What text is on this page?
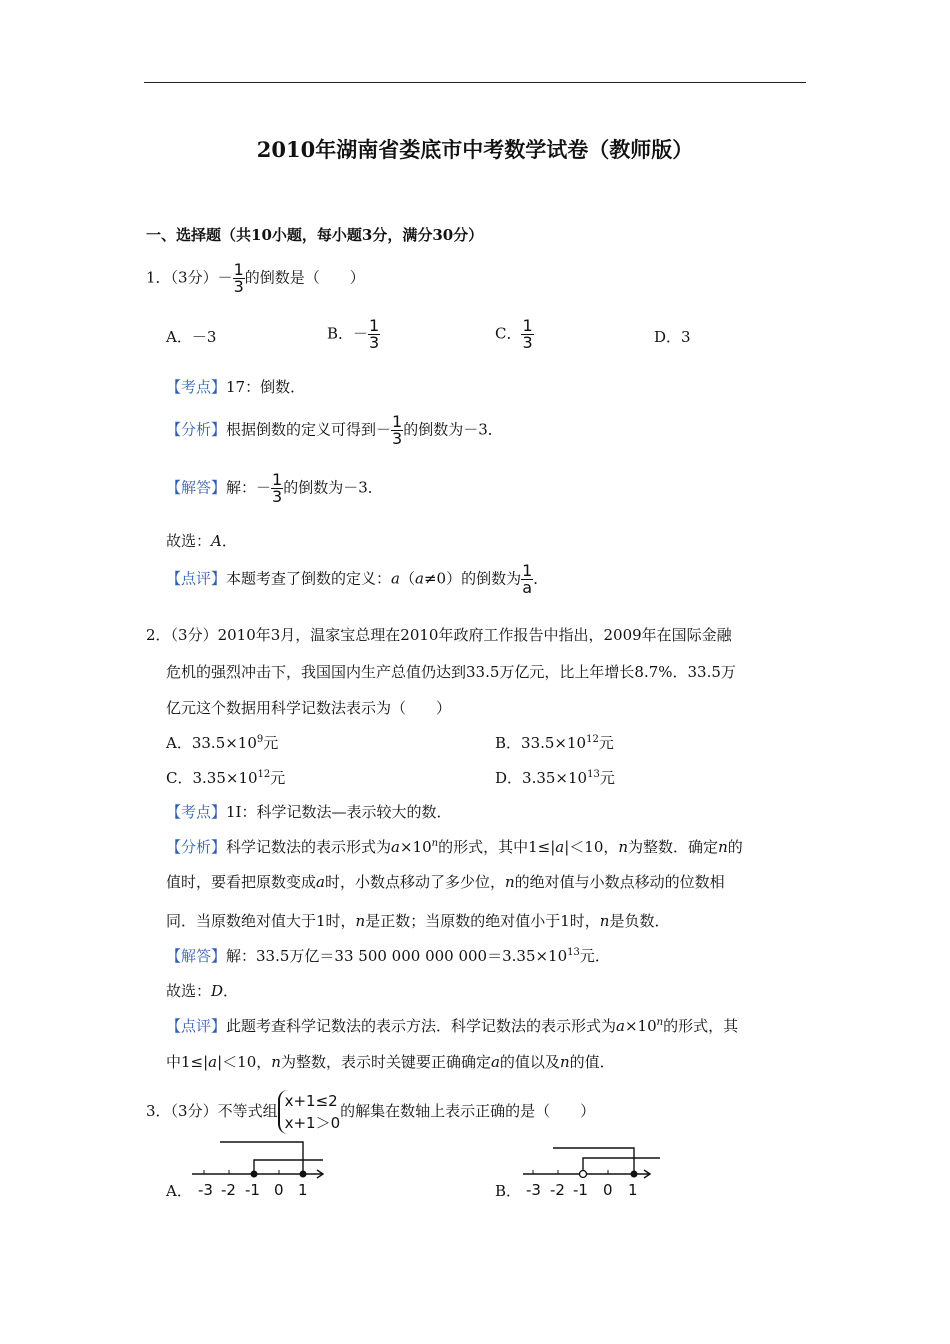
2010年湖南省娄底市中考数学试卷（教师版）
一、选择题（共10小题，每小题3分，满分30分）
1．（3分）－ $\frac{1}{3}$ 的倒数是（　　）
A．－3	B．－ $\frac{1}{3}$	C． $\frac{1}{3}$	D．3
【考点】17：倒数．
【分析】根据倒数的定义可得到－ $\frac{1}{3}$ 的倒数为－3．
【解答】解：－ $\frac{1}{3}$ 的倒数为－3．
故选：A．
【点评】本题考查了倒数的定义：a（a≠0）的倒数为 $\frac{1}{a}$ ．
2．（3分）2010年3月，温家宝总理在2010年政府工作报告中指出，2009年在国际金融
危机的强烈冲击下，我国国内生产总值仍达到33.5万亿元，比上年增长8.7%．33.5万
亿元这个数据用科学记数法表示为（　　）
A．$33.5\times 10^9$元	B．$33.5\times 10^{12}$元
C．$3.35\times 10^{12}$元	D．$3.35\times 10^{13}$元
【考点】1I：科学记数法—表示较大的数．
【分析】科学记数法的表示形式为$a\times 10^n$的形式，其中1≤|a|＜10，n为整数．确定n的
值时，要看把原数变成a时，小数点移动了多少位，n的绝对值与小数点移动的位数相
同．当原数绝对值大于1时，n是正数；当原数的绝对值小于1时，n是负数．
【解答】解：33.5万亿＝33 500 000 000 $000=3.35\times 10^{13}$元．
故选：D．
【点评】此题考查科学记数法的表示方法．科学记数法的表示形式为$a\times 10^n$的形式，其
中1≤|a|＜10，n为整数，表示时关键要正确确定a的值以及n的值．
3．（3分）不等式组
x+1≤2
x+1＞0
的解集在数轴上表示正确的是（　　）
A． -3 -2 -1 0 1	B． -3 -2 -1 0 1
